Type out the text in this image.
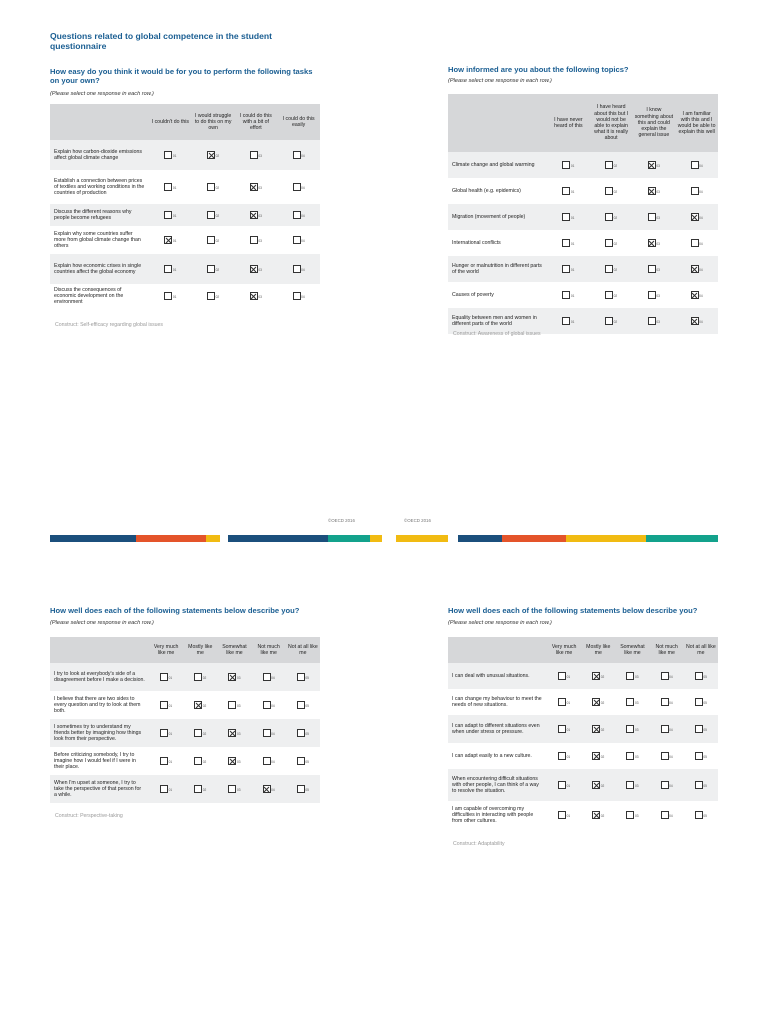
Questions related to global competence in the student questionnaire
How easy do you think it would be for you to perform the following tasks on your own?
(Please select one response in each row.)
	I couldn't do this	I would struggle to do this on my own	I could do this with a bit of effort	I could do this easily
Explain how carbon-dioxide emissions affect global climate change	01	02	03	04
Establish a connection between prices of textiles and working conditions in the countries of production	01	02	03	04
Discuss the different reasons why people become refugees	01	02	03	04
Explain why some countries suffer more from global climate change than others	01	02	03	04
Explain how economic crises in single countries affect the global economy	01	02	03	04
Discuss the consequences of economic development on the environment	01	02	03	04
Construct: Self-efficacy regarding global issues
How informed are you about the following topics?
(Please select one response in each row.)
	I have never heard of this	I have heard about this but I would not be able to explain what it is really about	I know something about this and could explain the general issue	I am familiar with this and I would be able to explain this well
Climate change and global warming	01	02	03	04
Global health (e.g. epidemics)	01	02	03	04
Migration (movement of people)	01	02	03	04
International conflicts	01	02	03	04
Hunger or malnutrition in different parts of the world	01	02	03	04
Causes of poverty	01	02	03	04
Equality between men and women in different parts of the world	01	02	03	04
Construct: Awareness of global issues
©OECD 2016	©OECD 2016
How well does each of the following statements below describe you?
(Please select one response in each row.)
	Very much like me	Mostly like me	Somewhat like me	Not much like me	Not at all like me
I try to look at everybody's side of a disagreement before I make a decision.	01	02	03	04	05
I believe that there are two sides to every question and try to look at them both.	01	02	03	04	05
I sometimes try to understand my friends better by imagining how things look from their perspective.	01	02	03	04	05
Before criticizing somebody, I try to imagine how I would feel if I were in their place.	01	02	03	04	05
When I'm upset at someone, I try to take the perspective of that person for a while.	01	02	03	04	05
Construct: Perspective-taking
How well does each of the following statements below describe you?
(Please select one response in each row.)
	Very much like me	Mostly like me	Somewhat like me	Not much like me	Not at all like me
I can deal with unusual situations.	01	02	03	04	05
I can change my behaviour to meet the needs of new situations.	01	02	03	04	05
I can adapt to different situations even when under stress or pressure.	01	02	03	04	05
I can adapt easily to a new culture.	01	02	03	04	05
When encountering difficult situations with other people, I can think of a way to resolve the situation.	01	02	03	04	05
I am capable of overcoming my difficulties in interacting with people from other cultures.	01	02	03	04	05
Construct: Adaptability
